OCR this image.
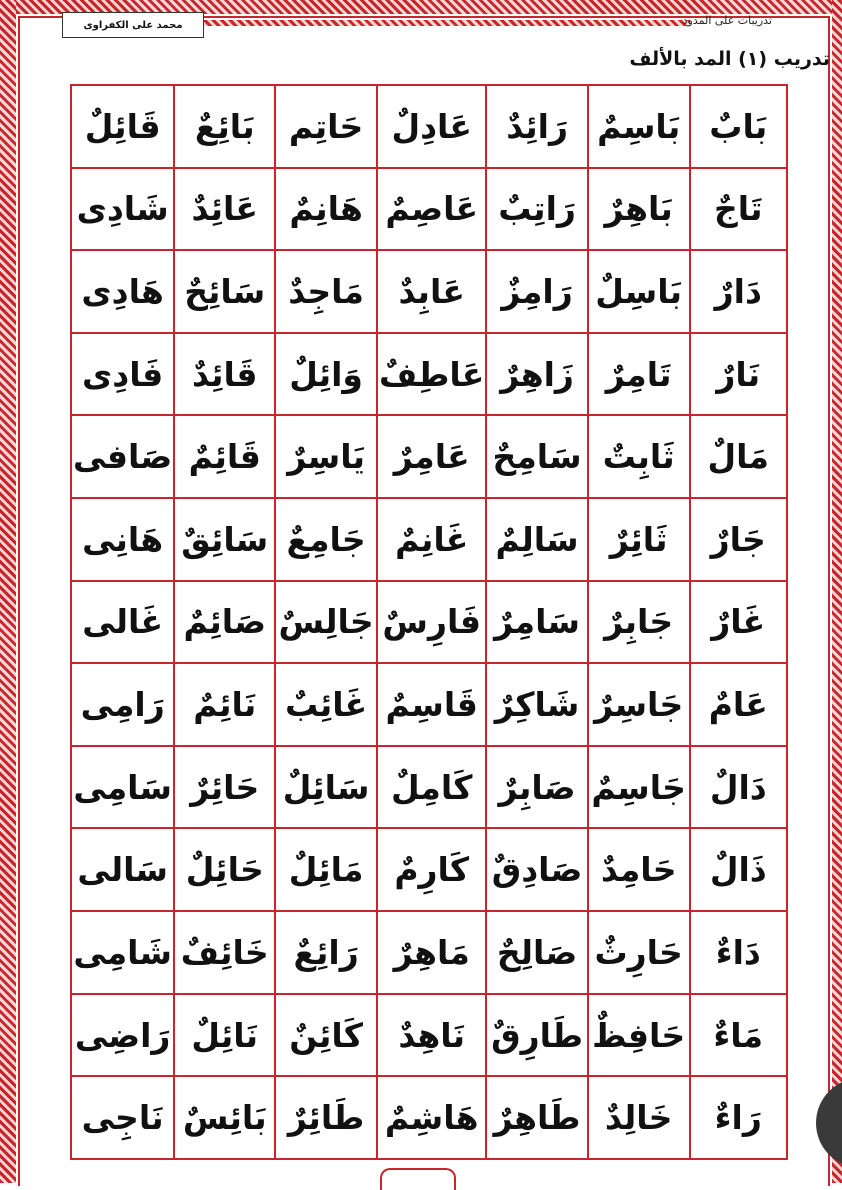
محمد على الكفراوى	تدريبات على المدود
تدريب (١) المد بالألف
بَابٌ	بَاسِمٌ	رَائِدٌ	عَادِلٌ	حَاتِم	بَائِعٌ	قَائِلٌ
تَاجٌ	بَاهِرٌ	رَاتِبٌ	عَاصِمٌ	هَانِمٌ	عَائِدٌ	شَادِى
دَارٌ	بَاسِلٌ	رَامِزٌ	عَابِدٌ	مَاجِدٌ	سَائِحٌ	هَادِى
نَارٌ	تَامِرٌ	زَاهِرٌ	عَاطِفٌ	وَائِلٌ	قَائِدٌ	فَادِى
مَالٌ	ثَابِتٌ	سَامِحٌ	عَامِرٌ	يَاسِرٌ	قَائِمٌ	صَافى
جَارٌ	ثَائِرٌ	سَالِمٌ	غَانِمٌ	جَامِعٌ	سَائِقٌ	هَانِى
غَارٌ	جَابِرٌ	سَامِرٌ	فَارِسٌ	جَالِسٌ	صَائِمٌ	غَالى
عَامٌ	جَاسِرٌ	شَاكِرٌ	قَاسِمٌ	غَائِبٌ	نَائِمٌ	رَامِى
دَالٌ	جَاسِمٌ	صَابِرٌ	كَامِلٌ	سَائِلٌ	حَائِرٌ	سَامِى
ذَالٌ	حَامِدٌ	صَادِقٌ	كَارِمٌ	مَائِلٌ	حَائِلٌ	سَالى
دَاءٌ	حَارِثٌ	صَالِحٌ	مَاهِرٌ	رَائِعٌ	خَائِفٌ	شَامِى
مَاءٌ	حَافِظٌ	طَارِقٌ	نَاهِدٌ	كَائِنٌ	نَائِلٌ	رَاضِى
رَاءٌ	خَالِدٌ	طَاهِرٌ	هَاشِمٌ	طَائِرٌ	بَائِسٌ	نَاجِى
